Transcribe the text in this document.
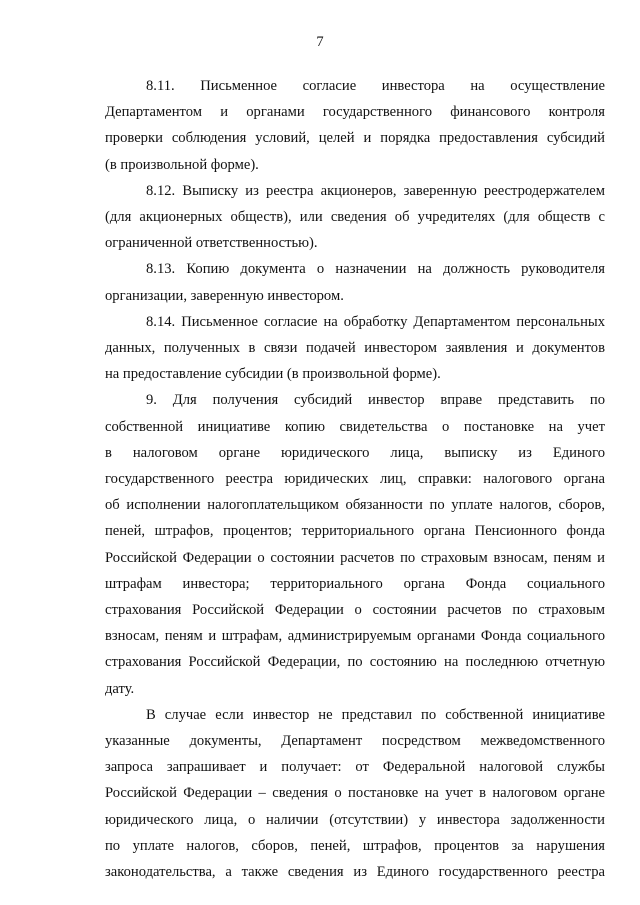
7
8.11. Письменное согласие инвестора на осуществление
Департаментом и органами государственного финансового контроля
проверки соблюдения условий, целей и порядка предоставления субсидий
(в произвольной форме).
8.12. Выписку из реестра акционеров, заверенную реестродержателем
(для акционерных обществ), или сведения об учредителях (для обществ с
ограниченной ответственностью).
8.13. Копию документа о назначении на должность руководителя
организации, заверенную инвестором.
8.14. Письменное согласие на обработку Департаментом персональных
данных, полученных в связи подачей инвестором заявления и документов
на предоставление субсидии (в произвольной форме).
9. Для получения субсидий инвестор вправе представить по
собственной инициативе копию свидетельства о постановке на учет
в налоговом органе юридического лица, выписку из Единого
государственного реестра юридических лиц, справки: налогового органа
об исполнении налогоплательщиком обязанности по уплате налогов, сборов,
пеней, штрафов, процентов; территориального органа Пенсионного фонда
Российской Федерации о состоянии расчетов по страховым взносам, пеням и
штрафам инвестора; территориального органа Фонда социального
страхования Российской Федерации о состоянии расчетов по страховым
взносам, пеням и штрафам, администрируемым органами Фонда социального
страхования Российской Федерации, по состоянию на последнюю отчетную
дату.
В случае если инвестор не представил по собственной инициативе
указанные документы, Департамент посредством межведомственного
запроса запрашивает и получает: от Федеральной налоговой службы
Российской Федерации – сведения о постановке на учет в налоговом органе
юридического лица, о наличии (отсутствии) у инвестора задолженности
по уплате налогов, сборов, пеней, штрафов, процентов за нарушения
законодательства, а также сведения из Единого государственного реестра
